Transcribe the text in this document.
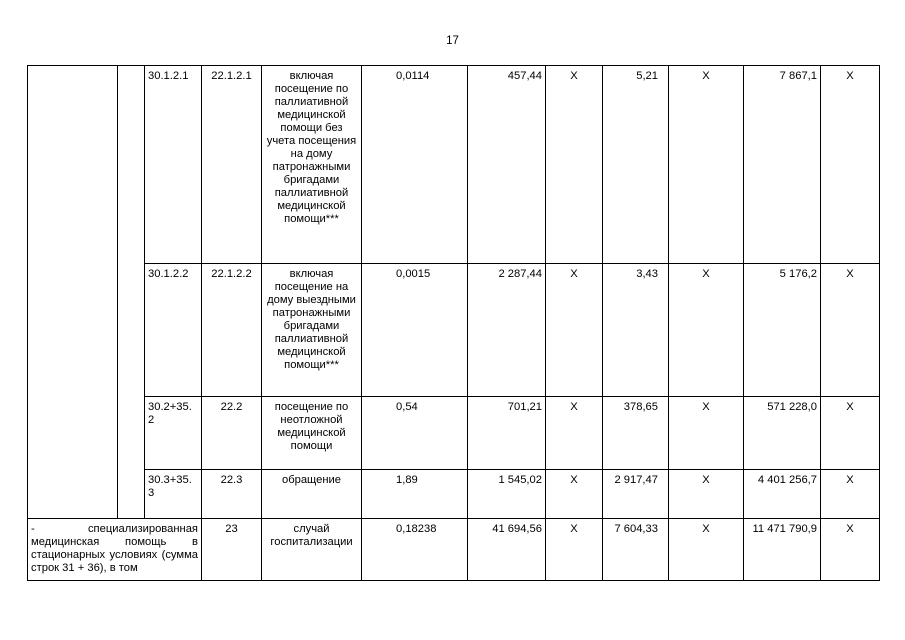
17
		30.1.2.1	22.1.2.1	включая посещение по паллиативной медицинской помощи без учета посещения на дому патронажными бригадами паллиативной медицинской помощи***	0,0114	457,44	X	5,21	X	7 867,1	X
		30.1.2.2	22.1.2.2	включая посещение на дому выездными патронажными бригадами паллиативной медицинской помощи***	0,0015	2 287,44	X	3,43	X	5 176,2	X
		30.2+35.2	22.2	посещение по неотложной медицинской помощи	0,54	701,21	X	378,65	X	571 228,0	X
		30.3+35.3	22.3	обращение	1,89	1 545,02	X	2 917,47	X	4 401 256,7	X
- специализированная медицинская помощь в стационарных условиях (сумма строк 31 + 36), в том			23	случай госпитализации	0,18238	41 694,56	X	7 604,33	X	11 471 790,9	X
